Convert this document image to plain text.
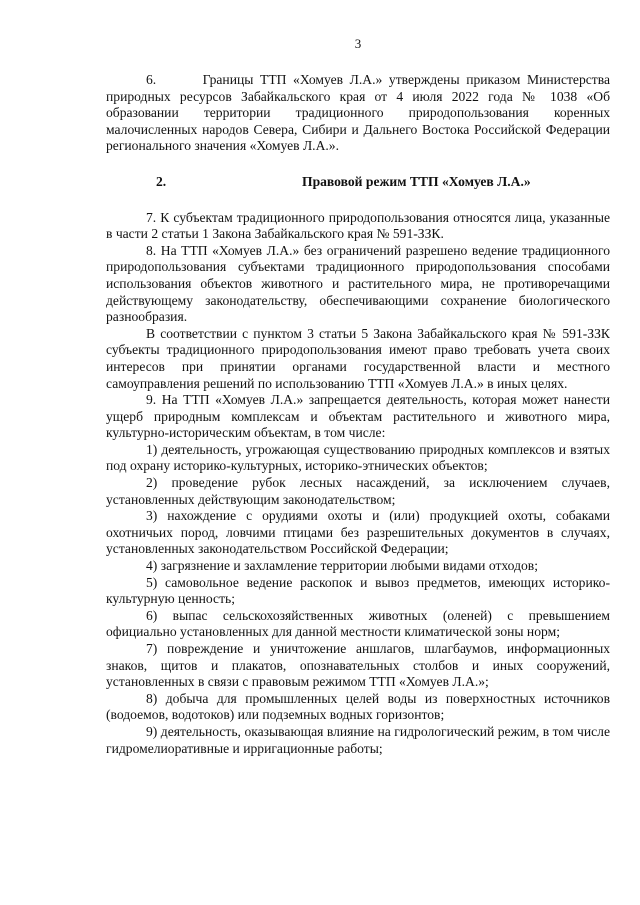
3

6.       Границы ТТП «Хомуев Л.А.» утверждены приказом Министерства природных ресурсов Забайкальского края от 4 июля 2022 года № 1038 «Об образовании территории традиционного природопользования коренных малочисленных народов Севера, Сибири и Дальнего Востока Российской Федерации регионального значения «Хомуев Л.А.».

2.	Правовой режим ТТП «Хомуев Л.А.»

7. К субъектам традиционного природопользования относятся лица, указанные в части 2 статьи 1 Закона Забайкальского края № 591-ЗЗК.

8. На ТТП «Хомуев Л.А.» без ограничений разрешено ведение традиционного природопользования субъектами традиционного природопользования способами использования объектов животного и растительного мира, не противоречащими действующему законодательству, обеспечивающими сохранение биологического разнообразия.

В соответствии с пунктом 3 статьи 5 Закона Забайкальского края № 591-ЗЗК субъекты традиционного природопользования имеют право требовать учета своих интересов при принятии органами государственной власти и местного самоуправления решений по использованию ТТП «Хомуев Л.А.» в иных целях.

9. На ТТП «Хомуев Л.А.» запрещается деятельность, которая может нанести ущерб природным комплексам и объектам растительного и животного мира, культурно-историческим объектам, в том числе:

1) деятельность, угрожающая существованию природных комплексов и взятых под охрану историко-культурных, историко-этнических объектов;

2) проведение рубок лесных насаждений, за исключением случаев, установленных действующим законодательством;

3) нахождение с орудиями охоты и (или) продукцией охоты, собаками охотничьих пород, ловчими птицами без разрешительных документов в случаях, установленных законодательством Российской Федерации;

4) загрязнение и захламление территории любыми видами отходов;

5) самовольное ведение раскопок и вывоз предметов, имеющих историко-культурную ценность;

6) выпас сельскохозяйственных животных (оленей) с превышением официально установленных для данной местности климатической зоны норм;

7) повреждение и уничтожение аншлагов, шлагбаумов, информационных знаков, щитов и плакатов, опознавательных столбов и иных сооружений, установленных в связи с правовым режимом ТТП «Хомуев Л.А.»;

8) добыча для промышленных целей воды из поверхностных источников (водоемов, водотоков) или подземных водных горизонтов;

9) деятельность, оказывающая влияние на гидрологический режим, в том числе гидромелиоративные и ирригационные работы;
